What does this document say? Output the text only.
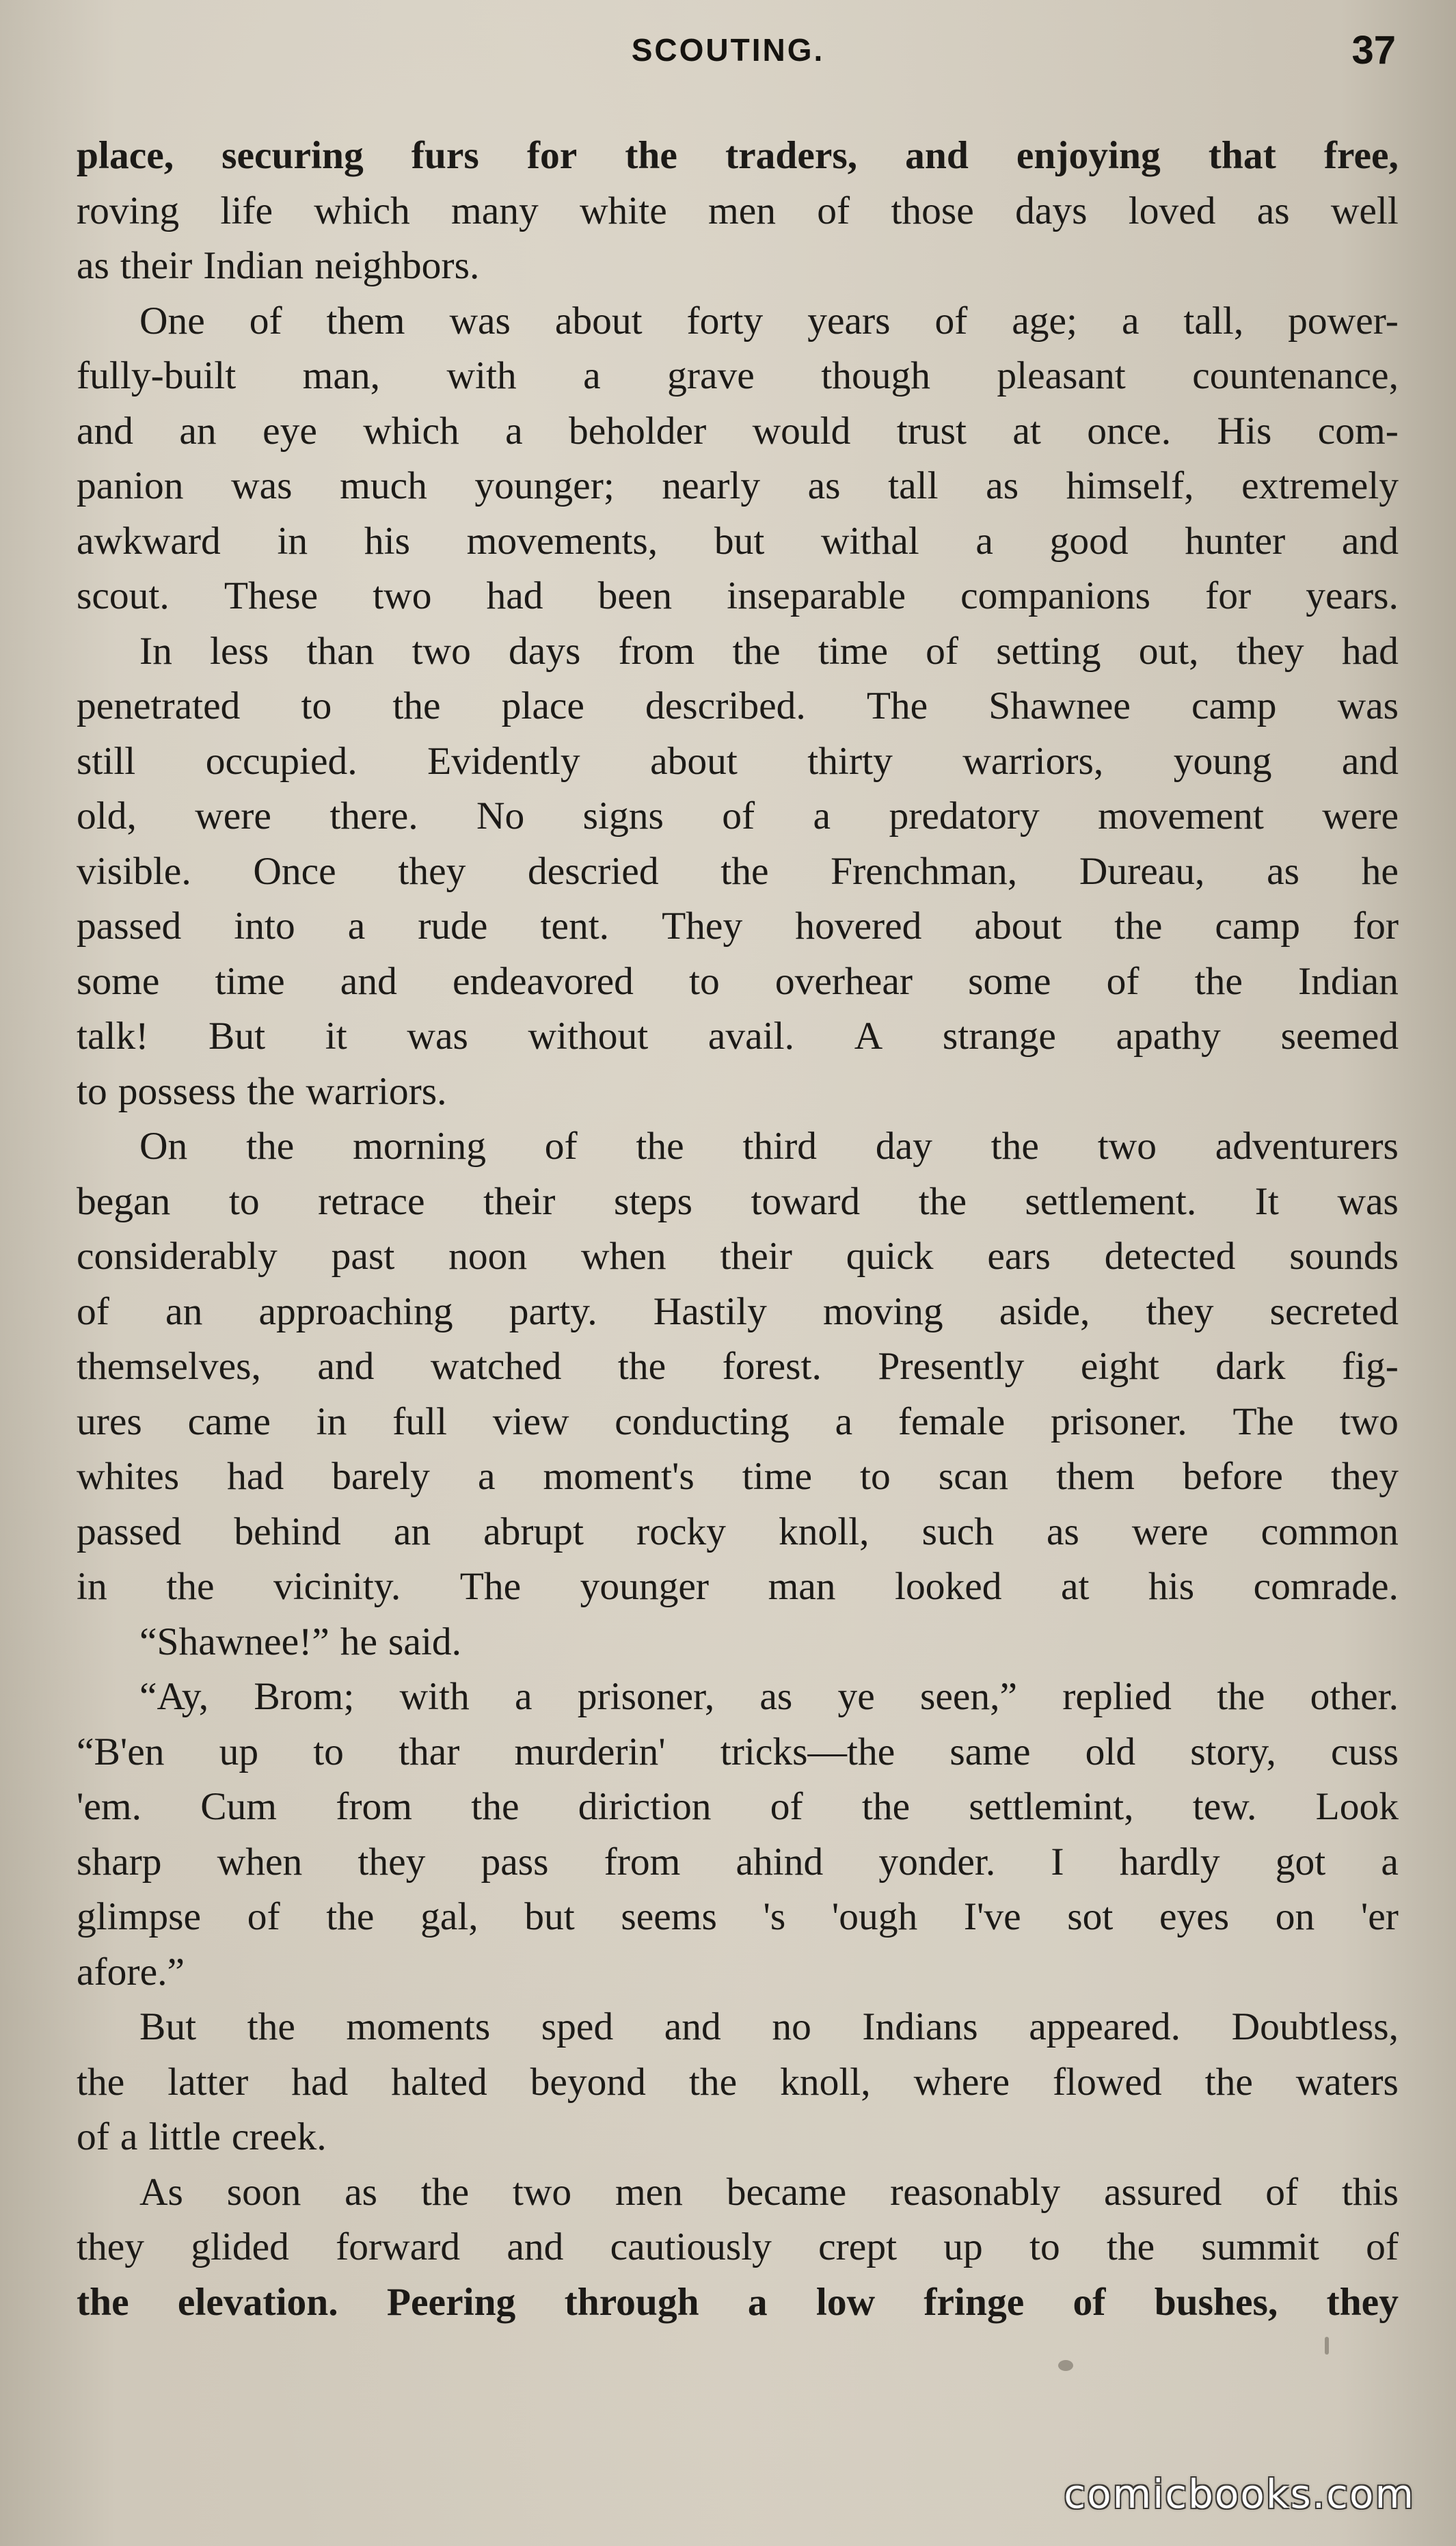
SCOUTING.	37
place, securing furs for the traders, and enjoying that free,
roving life which many white men of those days loved as well
as their Indian neighbors.
One of them was about forty years of age; a tall, power-
fully-built man, with a grave though pleasant countenance,
and an eye which a beholder would trust at once. His com-
panion was much younger; nearly as tall as himself, extremely
awkward in his movements, but withal a good hunter and
scout. These two had been inseparable companions for years.
In less than two days from the time of setting out, they had
penetrated to the place described. The Shawnee camp was
still occupied. Evidently about thirty warriors, young and
old, were there. No signs of a predatory movement were
visible. Once they descried the Frenchman, Dureau, as he
passed into a rude tent. They hovered about the camp for
some time and endeavored to overhear some of the Indian
talk! But it was without avail. A strange apathy seemed
to possess the warriors.
On the morning of the third day the two adventurers
began to retrace their steps toward the settlement. It was
considerably past noon when their quick ears detected sounds
of an approaching party. Hastily moving aside, they secreted
themselves, and watched the forest. Presently eight dark fig-
ures came in full view conducting a female prisoner. The two
whites had barely a moment's time to scan them before they
passed behind an abrupt rocky knoll, such as were common
in the vicinity. The younger man looked at his comrade.
“Shawnee!” he said.
“Ay, Brom; with a prisoner, as ye seen,” replied the other.
“B'en up to thar murderin' tricks—the same old story, cuss
'em. Cum from the diriction of the settlemint, tew. Look
sharp when they pass from ahind yonder. I hardly got a
glimpse of the gal, but seems 's 'ough I've sot eyes on 'er
afore.”
But the moments sped and no Indians appeared. Doubtless,
the latter had halted beyond the knoll, where flowed the waters
of a little creek.
As soon as the two men became reasonably assured of this
they glided forward and cautiously crept up to the summit of
the elevation. Peering through a low fringe of bushes, they
comicbooks.com
